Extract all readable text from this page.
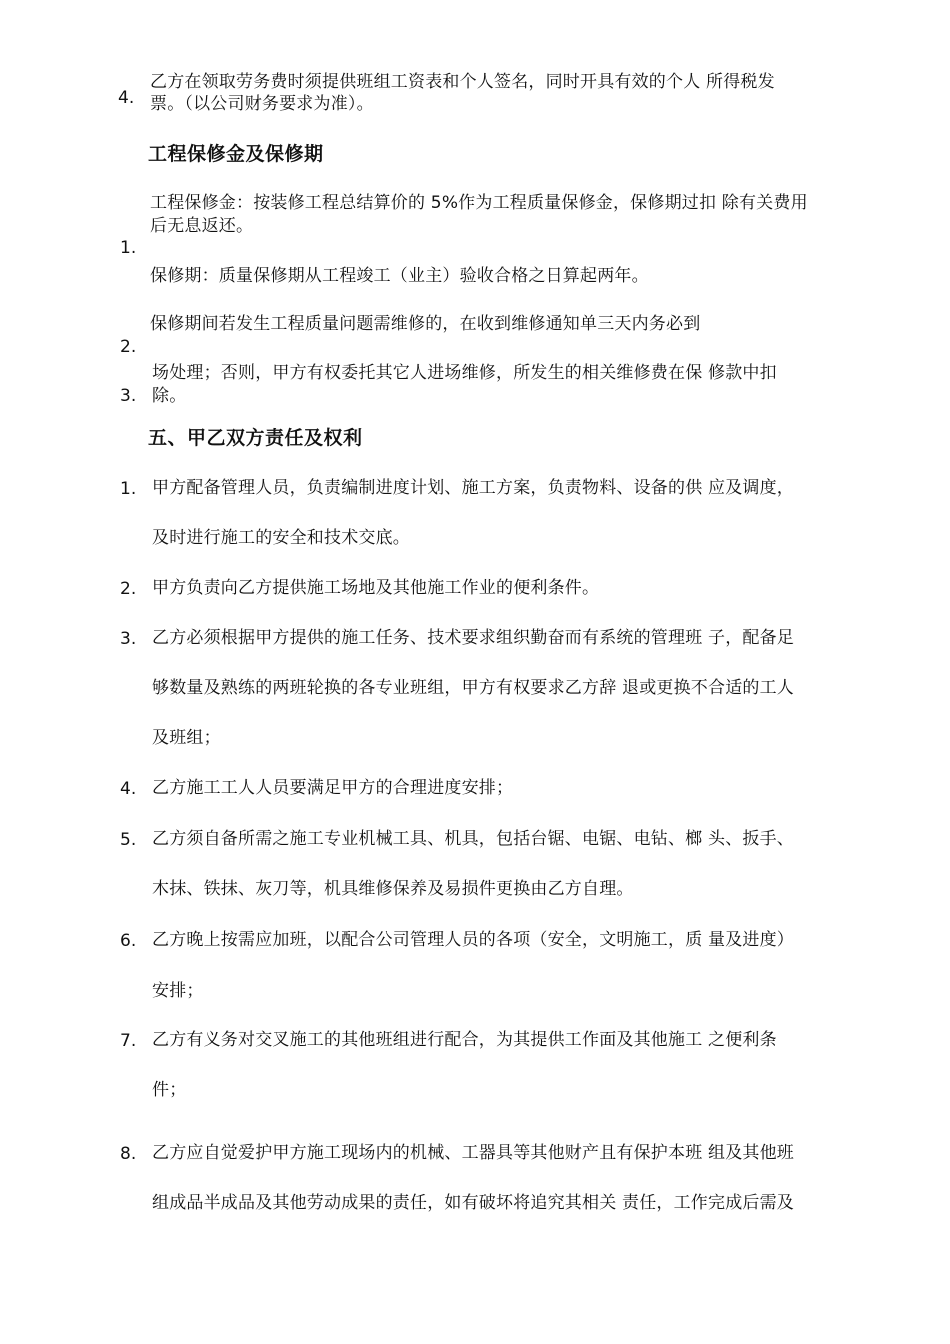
4.
乙方在领取劳务费时须提供班组工资表和个人签名，同时开具有效的个人 所得税发
票。（以公司财务要求为准）。
工程保修金及保修期
工程保修金：按装修工程总结算价的 5%作为工程质量保修金，保修期过扣 除有关费用
后无息返还。
1.
保修期：质量保修期从工程竣工（业主）验收合格之日算起两年。
保修期间若发生工程质量问题需维修的，在收到维修通知单三天内务必到
2.
场处理；否则，甲方有权委托其它人进场维修，所发生的相关维修费在保 修款中扣
3. 除。
五、甲乙双方责任及权利
1. 甲方配备管理人员，负责编制进度计划、施工方案，负责物料、设备的供 应及调度，
及时进行施工的安全和技术交底。
2. 甲方负责向乙方提供施工场地及其他施工作业的便利条件。
3. 乙方必须根据甲方提供的施工任务、技术要求组织勤奋而有系统的管理班 子，配备足
够数量及熟练的两班轮换的各专业班组，甲方有权要求乙方辞 退或更换不合适的工人
及班组；
4. 乙方施工工人人员要满足甲方的合理进度安排；
5. 乙方须自备所需之施工专业机械工具、机具，包括台锯、电锯、电钻、榔 头、扳手、
木抹、铁抹、灰刀等，机具维修保养及易损件更换由乙方自理。
6. 乙方晚上按需应加班，以配合公司管理人员的各项（安全，文明施工，质 量及进度）
安排；
7. 乙方有义务对交叉施工的其他班组进行配合，为其提供工作面及其他施工 之便利条
件；
8. 乙方应自觉爱护甲方施工现场内的机械、工器具等其他财产且有保护本班 组及其他班
组成品半成品及其他劳动成果的责任，如有破坏将追究其相关 责任，工作完成后需及
